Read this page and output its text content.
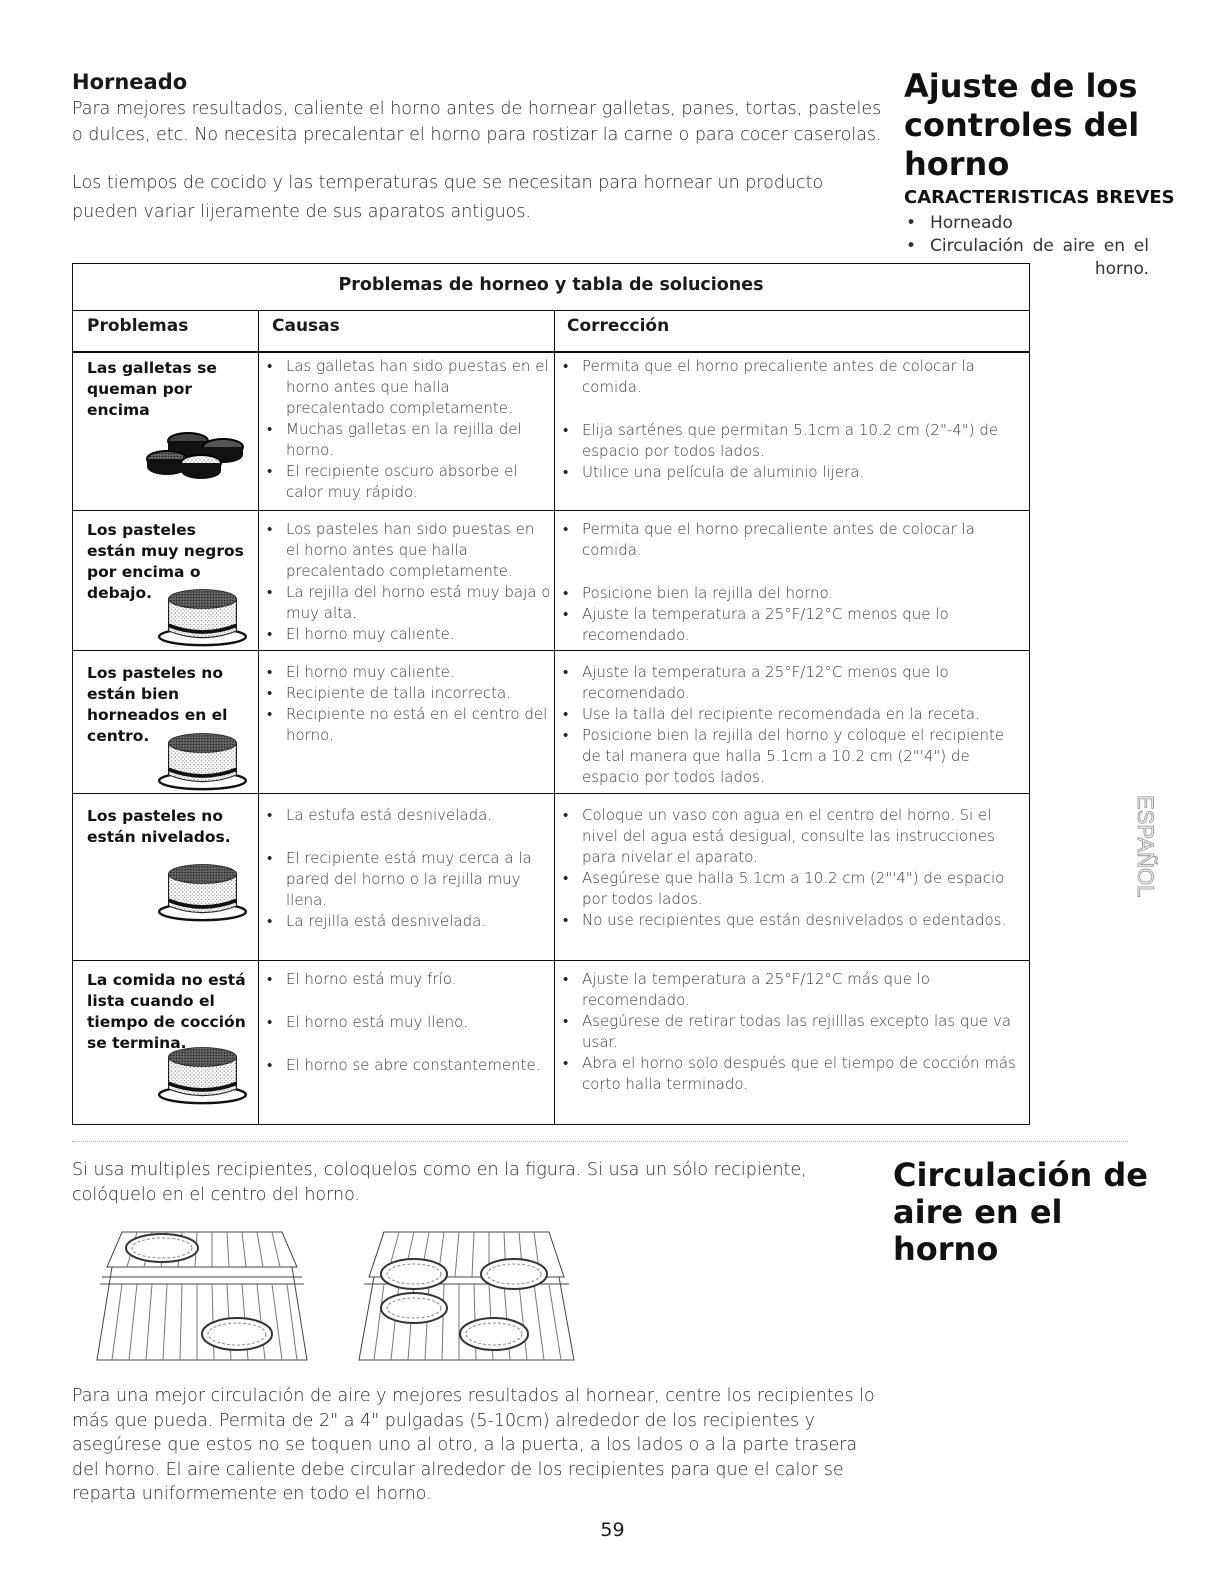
Horneado
Para mejores resultados, caliente el horno antes de hornear galletas, panes, tortas, pasteles o dulces, etc. No necesita precalentar el horno para rostizar la carne o para cocer caserolas.
Los tiempos de cocido y las temperaturas que se necesitan para hornear un producto pueden variar lijeramente de sus aparatos antiguos.
Ajuste de los controles del horno
CARACTERISTICAS BREVES
• Horneado
• Circulación de aire en el horno.
Problemas de horneo y tabla de soluciones
Problemas	Causas	Corrección
Las galletas se queman por encima
• Las galletas han sido puestas en el horno antes que halla precalentado completamente.
• Muchas galletas en la rejilla del horno.
• El recipiente oscuro absorbe el calor muy rápido.
• Permita que el horno precaliente antes de colocar la comida.
• Elija sarténes que permitan 5.1cm a 10.2 cm (2"-4") de espacio por todos lados.
• Utilice una película de aluminio lijera.
Los pasteles están muy negros por encima o debajo.
• Los pasteles han sido puestas en el horno antes que halla precalentado completamente.
• La rejilla del horno está muy baja o muy alta.
• El horno muy caliente.
• Permita que el horno precaliente antes de colocar la comida.
• Posicione bien la rejilla del horno.
• Ajuste la temperatura a 25°F/12°C menos que lo recomendado.
Los pasteles no están bien horneados en el centro.
• El horno muy caliente.
• Recipiente de talla incorrecta.
• Recipiente no está en el centro del horno.
• Ajuste la temperatura a 25°F/12°C menos que lo recomendado.
• Use la talla del recipiente recomendada en la receta.
• Posicione bien la rejilla del horno y coloque el recipiente de tal manera que halla 5.1cm a 10.2 cm (2"'4") de espacio por todos lados.
Los pasteles no están nivelados.
• La estufa está desnivelada.
• El recipiente está muy cerca a la pared del horno o la rejilla muy llena.
• La rejilla está desnivelada.
• Coloque un vaso con agua en el centro del horno. Si el nivel del agua está desigual, consulte las instrucciones para nivelar el aparato.
• Asegúrese que halla 5.1cm a 10.2 cm (2"'4") de espacio por todos lados.
• No use recipientes que están desnivelados o edentados.
La comida no está lista cuando el tiempo de cocción se termina.
• El horno está muy frío.
• El horno está muy lleno.
• El horno se abre constantemente.
• Ajuste la temperatura a 25°F/12°C más que lo recomendado.
• Asegúrese de retirar todas las rejilllas excepto las que va usar.
• Abra el horno solo después que el tiempo de cocción más corto halla terminado.
ESPAÑOL
Circulación de aire en el horno
Si usa multiples recipientes, coloquelos como en la figura. Si usa un sólo recipiente, colóquelo en el centro del horno.
Para una mejor circulación de aire y mejores resultados al hornear, centre los recipientes lo más que pueda. Permita de 2" a 4" pulgadas (5-10cm) alrededor de los recipientes y asegúrese que estos no se toquen uno al otro, a la puerta, a los lados o a la parte trasera del horno. El aire caliente debe circular alrededor de los recipientes para que el calor se reparta uniformemente en todo el horno.
59
